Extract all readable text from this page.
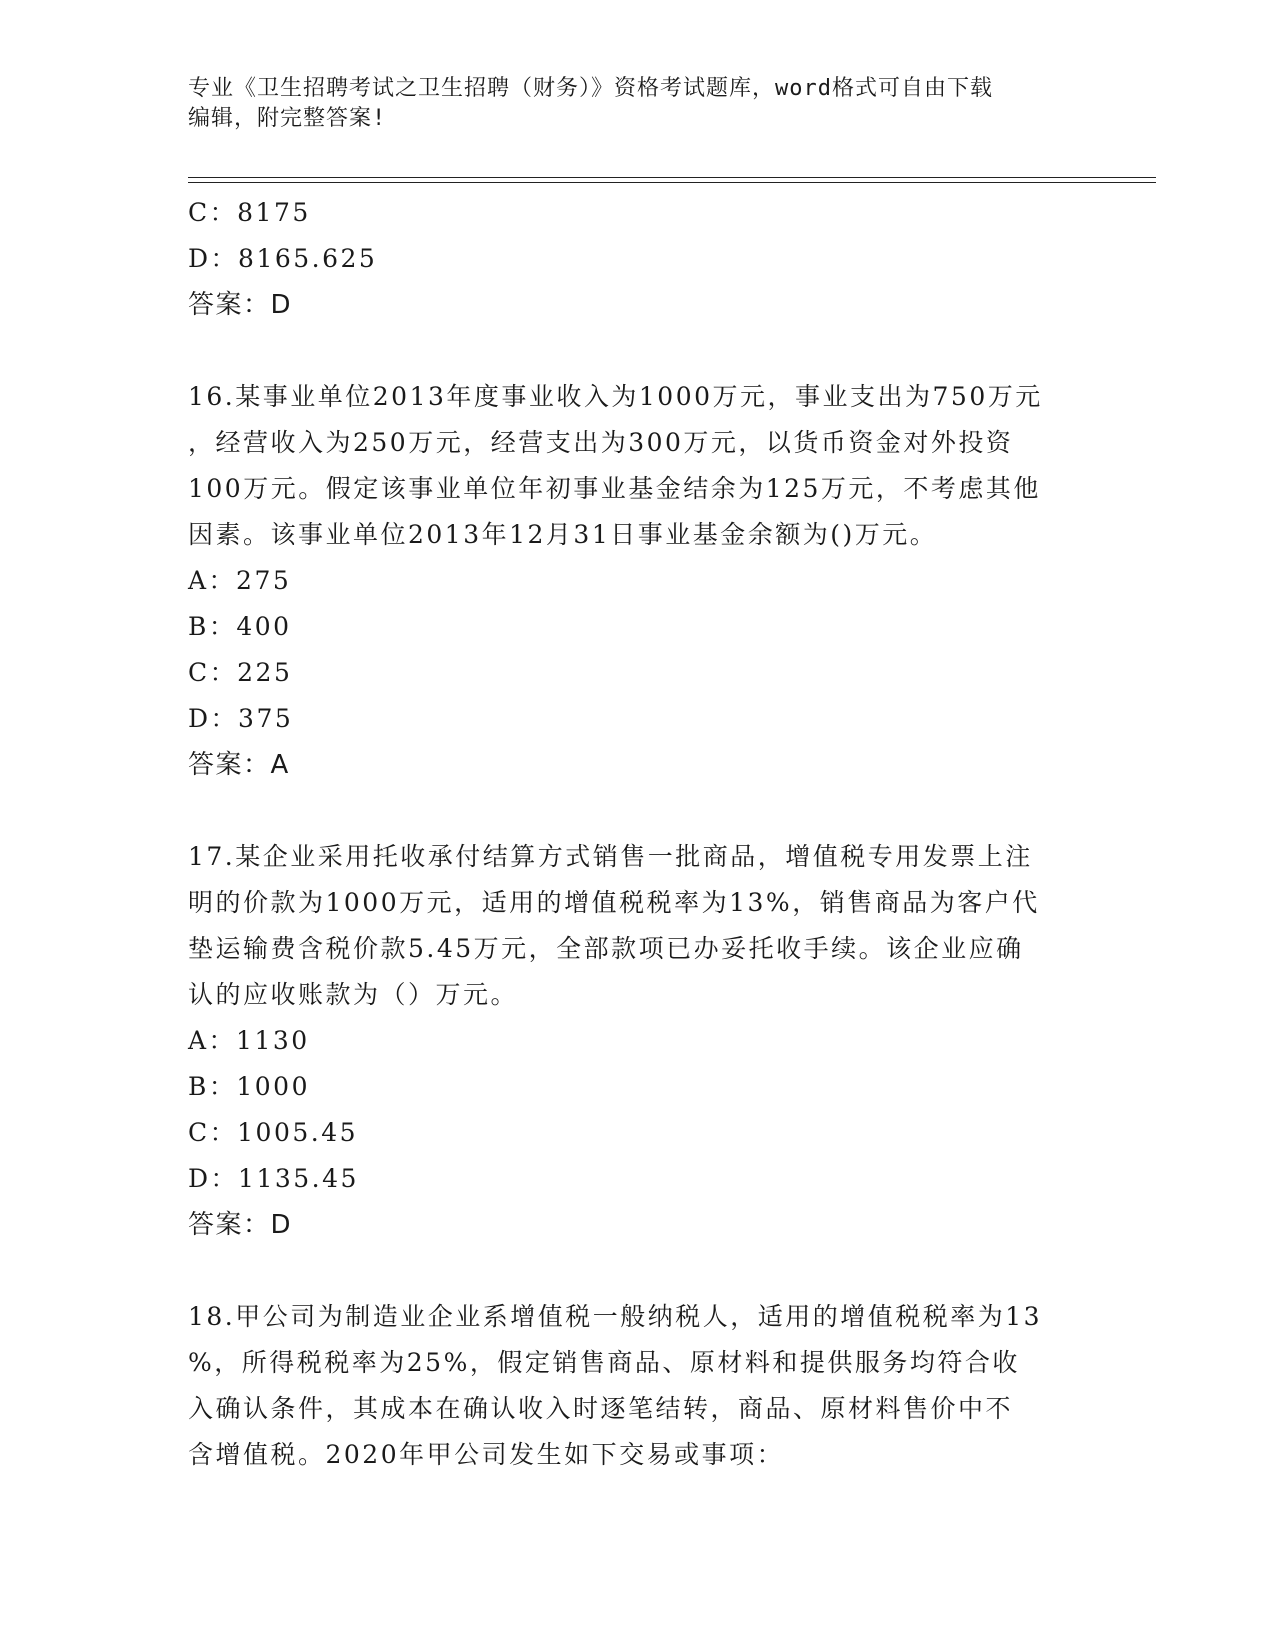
专业《卫生招聘考试之卫生招聘（财务）》资格考试题库，word格式可自由下载
编辑，附完整答案!
C：8175
D：8165.625
答案：D
16.某事业单位2013年度事业收入为1000万元，事业支出为750万元
，经营收入为250万元，经营支出为300万元，以货币资金对外投资
100万元。假定该事业单位年初事业基金结余为125万元，不考虑其他
因素。该事业单位2013年12月31日事业基金余额为()万元。
A：275
B：400
C：225
D：375
答案：A
17.某企业采用托收承付结算方式销售一批商品，增值税专用发票上注
明的价款为1000万元，适用的增值税税率为13%，销售商品为客户代
垫运输费含税价款5.45万元，全部款项已办妥托收手续。该企业应确
认的应收账款为（）万元。
A：1130
B：1000
C：1005.45
D：1135.45
答案：D
18.甲公司为制造业企业系增值税一般纳税人，适用的增值税税率为13
%，所得税税率为25%，假定销售商品、原材料和提供服务均符合收
入确认条件，其成本在确认收入时逐笔结转，商品、原材料售价中不
含增值税。2020年甲公司发生如下交易或事项：
